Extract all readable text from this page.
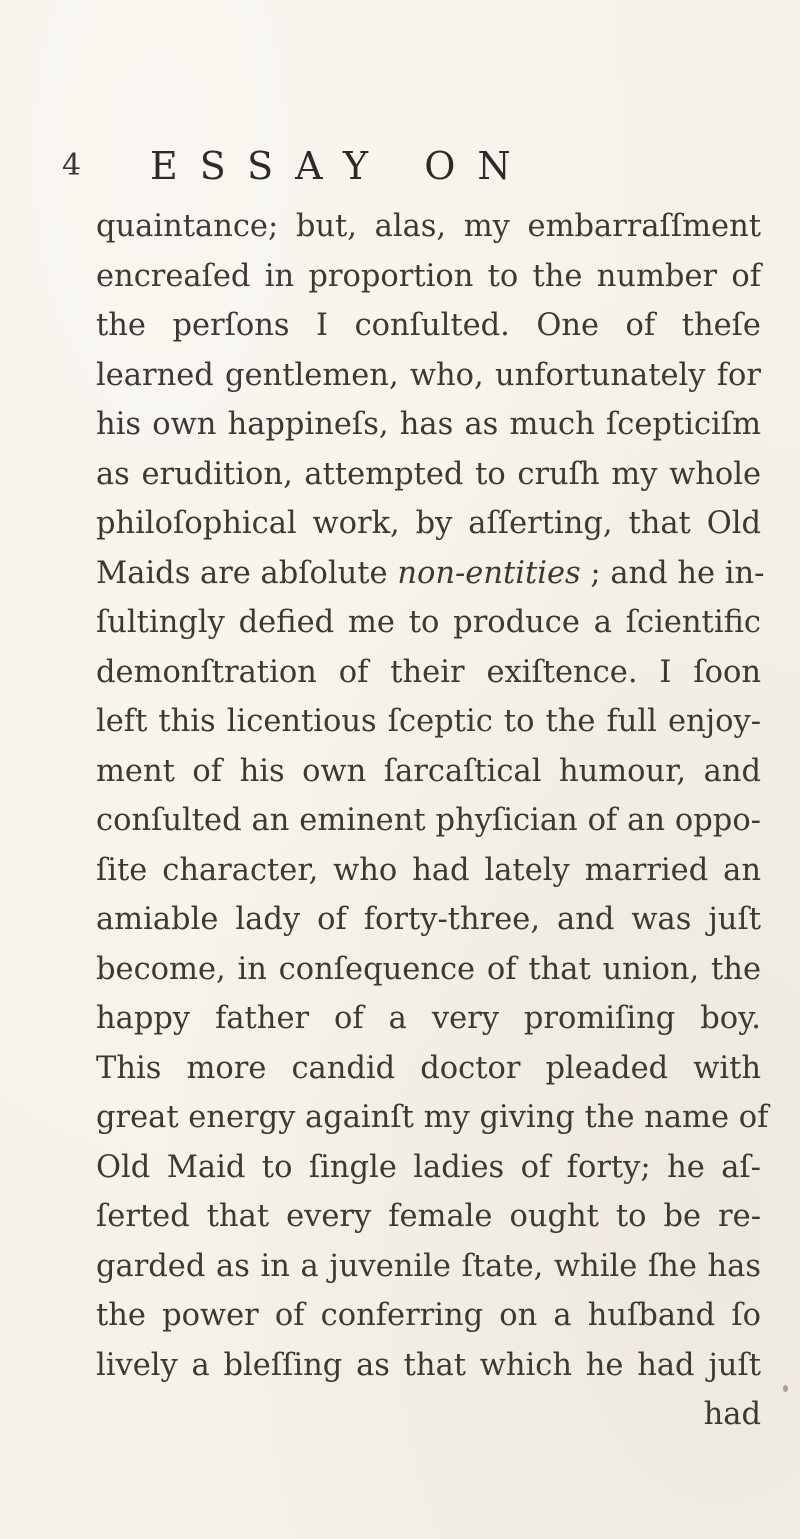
4 ESSAY ON
quaintance; but, alas, my embarraſſment
encreaſed in proportion to the number of
the perſons I conſulted. One of theſe
learned gentlemen, who, unfortunately for
his own happineſs, has as much ſcepticiſm
as erudition, attempted to cruſh my whole
philoſophical work, by aſſerting, that Old
Maids are abſolute non-entities ; and he in-
ſultingly defied me to produce a ſcientific
demonſtration of their exiſtence. I ſoon
left this licentious ſceptic to the full enjoy-
ment of his own ſarcaſtical humour, and
conſulted an eminent phyſician of an oppo-
ſite character, who had lately married an
amiable lady of forty-three, and was juſt
become, in conſequence of that union, the
happy father of a very promiſing boy.
This more candid doctor pleaded with
great energy againſt my giving the name of
Old Maid to ſingle ladies of forty; he aſ-
ſerted that every female ought to be re-
garded as in a juvenile ſtate, while ſhe has
the power of conferring on a huſband ſo
lively a bleſſing as that which he had juſt
had
